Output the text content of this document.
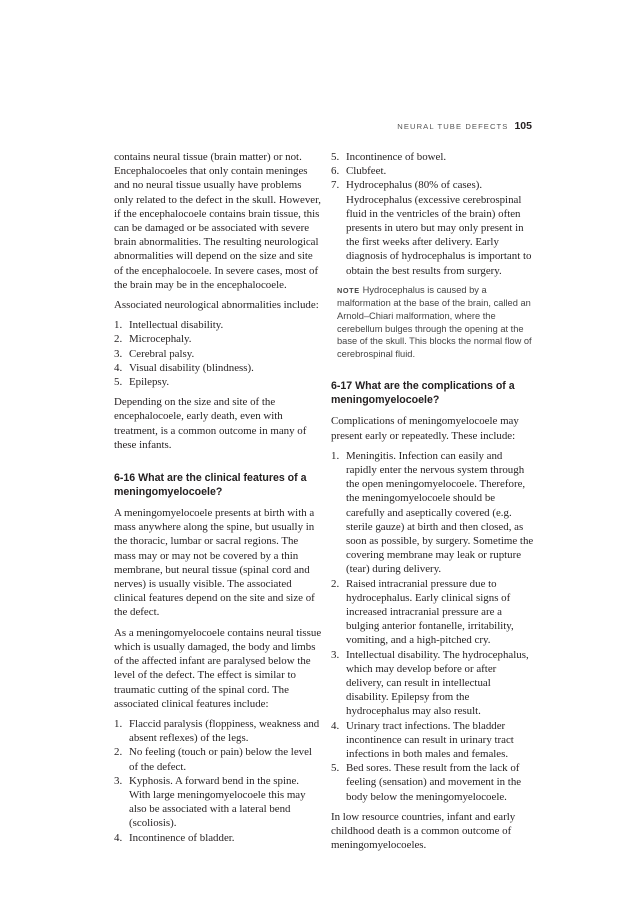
NEURAL TUBE DEFECTS 105

contains neural tissue (brain matter) or not. Encephalocoeles that only contain meninges and no neural tissue usually have problems only related to the defect in the skull. However, if the encephalocoele contains brain tissue, this can be damaged or be associated with severe brain abnormalities. The resulting neurological abnormalities will depend on the size and site of the encephalocoele. In severe cases, most of the brain may be in the encephalocoele.

Associated neurological abnormalities include:

1. Intellectual disability.
2. Microcephaly.
3. Cerebral palsy.
4. Visual disability (blindness).
5. Epilepsy.

Depending on the size and site of the encephalocoele, early death, even with treatment, is a common outcome in many of these infants.

6-16 What are the clinical features of a meningomyelocoele?

A meningomyelocoele presents at birth with a mass anywhere along the spine, but usually in the thoracic, lumbar or sacral regions. The mass may or may not be covered by a thin membrane, but neural tissue (spinal cord and nerves) is usually visible. The associated clinical features depend on the site and size of the defect.

As a meningomyelocoele contains neural tissue which is usually damaged, the body and limbs of the affected infant are paralysed below the level of the defect. The effect is similar to traumatic cutting of the spinal cord. The associated clinical features include:

1. Flaccid paralysis (floppiness, weakness and absent reflexes) of the legs.
2. No feeling (touch or pain) below the level of the defect.
3. Kyphosis. A forward bend in the spine. With large meningomyelocoele this may also be associated with a lateral bend (scoliosis).
4. Incontinence of bladder.
5. Incontinence of bowel.
6. Clubfeet.
7. Hydrocephalus (80% of cases). Hydrocephalus (excessive cerebrospinal fluid in the ventricles of the brain) often presents in utero but may only present in the first weeks after delivery. Early diagnosis of hydrocephalus is important to obtain the best results from surgery.
NOTE Hydrocephalus is caused by a malformation at the base of the brain, called an Arnold–Chiari malformation, where the cerebellum bulges through the opening at the base of the skull. This blocks the normal flow of cerebrospinal fluid.
6-17 What are the complications of a meningomyelocoele?

Complications of meningomyelocoele may present early or repeatedly. These include:

1. Meningitis. Infection can easily and rapidly enter the nervous system through the open meningomyelocoele. Therefore, the meningomyelocoele should be carefully and aseptically covered (e.g. sterile gauze) at birth and then closed, as soon as possible, by surgery. Sometime the covering membrane may leak or rupture (tear) during delivery.
2. Raised intracranial pressure due to hydrocephalus. Early clinical signs of increased intracranial pressure are a bulging anterior fontanelle, irritability, vomiting, and a high-pitched cry.
3. Intellectual disability. The hydrocephalus, which may develop before or after delivery, can result in intellectual disability. Epilepsy from the hydrocephalus may also result.
4. Urinary tract infections. The bladder incontinence can result in urinary tract infections in both males and females.
5. Bed sores. These result from the lack of feeling (sensation) and movement in the body below the meningomyelocoele.

In low resource countries, infant and early childhood death is a common outcome of meningomyelocoeles.
